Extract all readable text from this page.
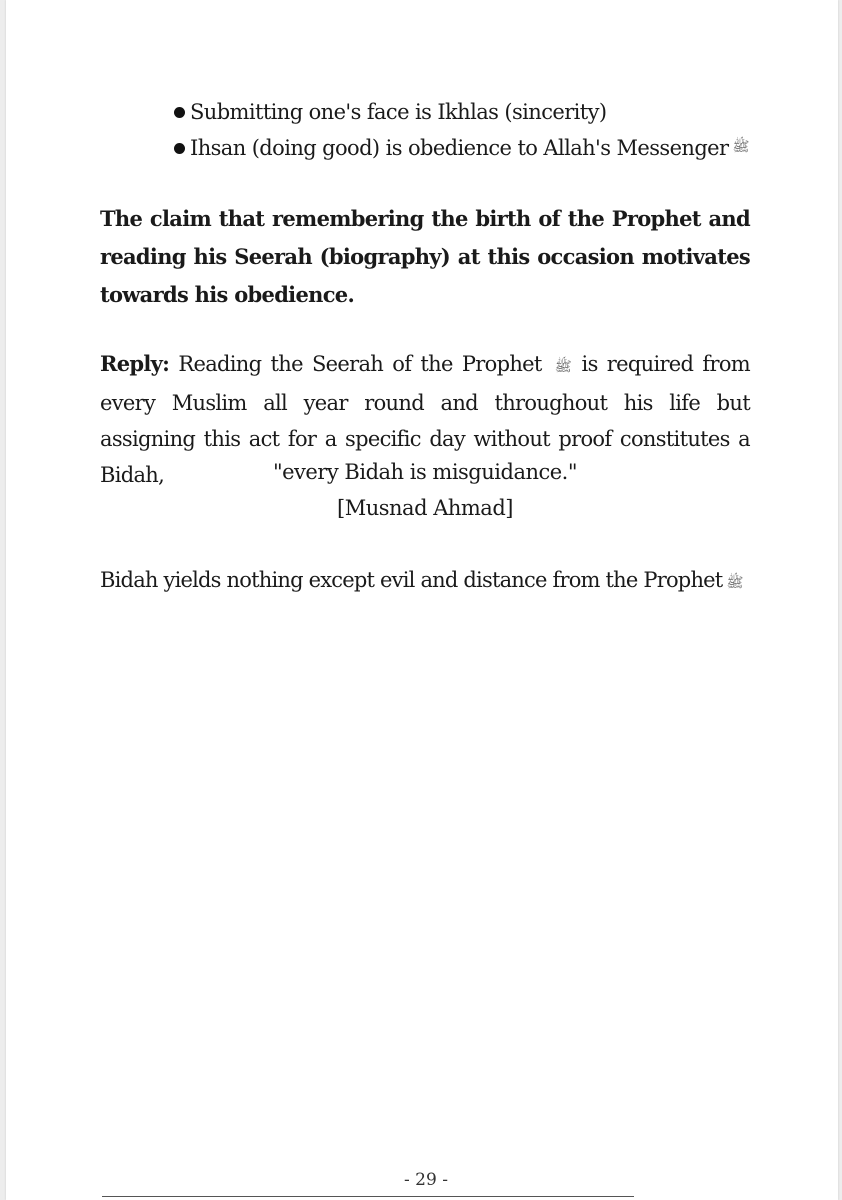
Submitting one's face is Ikhlas (sincerity)
Ihsan (doing good) is obedience to Allah's Messenger ﷺ
The claim that remembering the birth of the Prophet and reading his Seerah (biography) at this occasion motivates towards his obedience.
Reply: Reading the Seerah of the Prophet ﷺ is required from every Muslim all year round and throughout his life but assigning this act for a specific day without proof constitutes a Bidah,	"every Bidah is misguidance."
[Musnad Ahmad]
Bidah yields nothing except evil and distance from the Prophet ﷺ
- 29 -
